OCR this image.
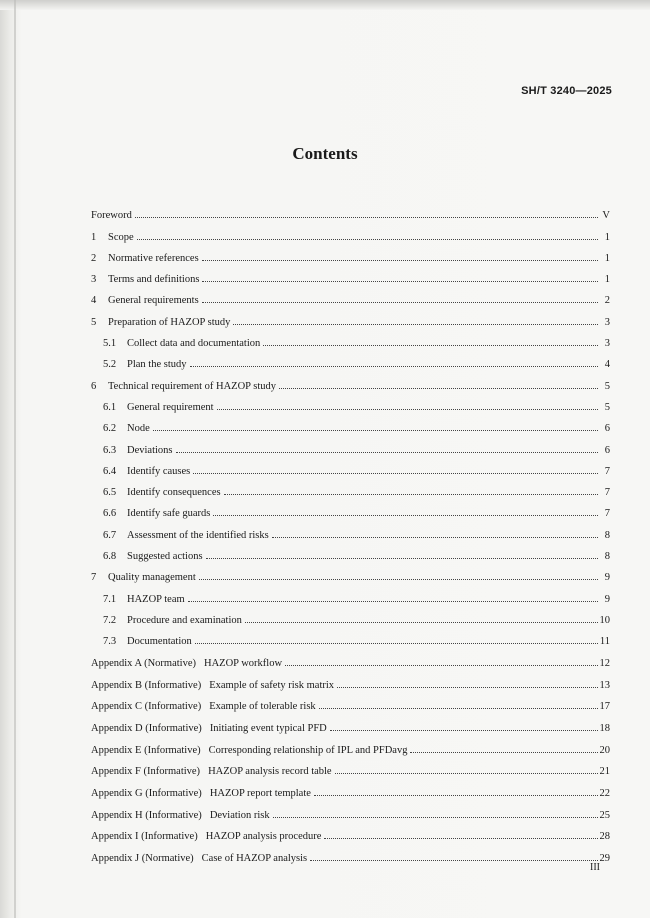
SH/T 3240—2025
Contents
Foreword	V
1	Scope	1
2	Normative references	1
3	Terms and definitions	1
4	General requirements	2
5	Preparation of HAZOP study	3
5.1	Collect data and documentation	3
5.2	Plan the study	4
6	Technical requirement of HAZOP study	5
6.1	General requirement	5
6.2	Node	6
6.3	Deviations	6
6.4	Identify causes	7
6.5	Identify consequences	7
6.6	Identify safe guards	7
6.7	Assessment of the identified risks	8
6.8	Suggested actions	8
7	Quality management	9
7.1	HAZOP team	9
7.2	Procedure and examination	10
7.3	Documentation	11
Appendix A (Normative) HAZOP workflow	12
Appendix B (Informative) Example of safety risk matrix	13
Appendix C (Informative) Example of tolerable risk	17
Appendix D (Informative) Initiating event typical PFD	18
Appendix E (Informative) Corresponding relationship of IPL and PFDavg	20
Appendix F (Informative) HAZOP analysis record table	21
Appendix G (Informative) HAZOP report template	22
Appendix H (Informative) Deviation risk	25
Appendix I (Informative) HAZOP analysis procedure	28
Appendix J (Normative) Case of HAZOP analysis	29
III
